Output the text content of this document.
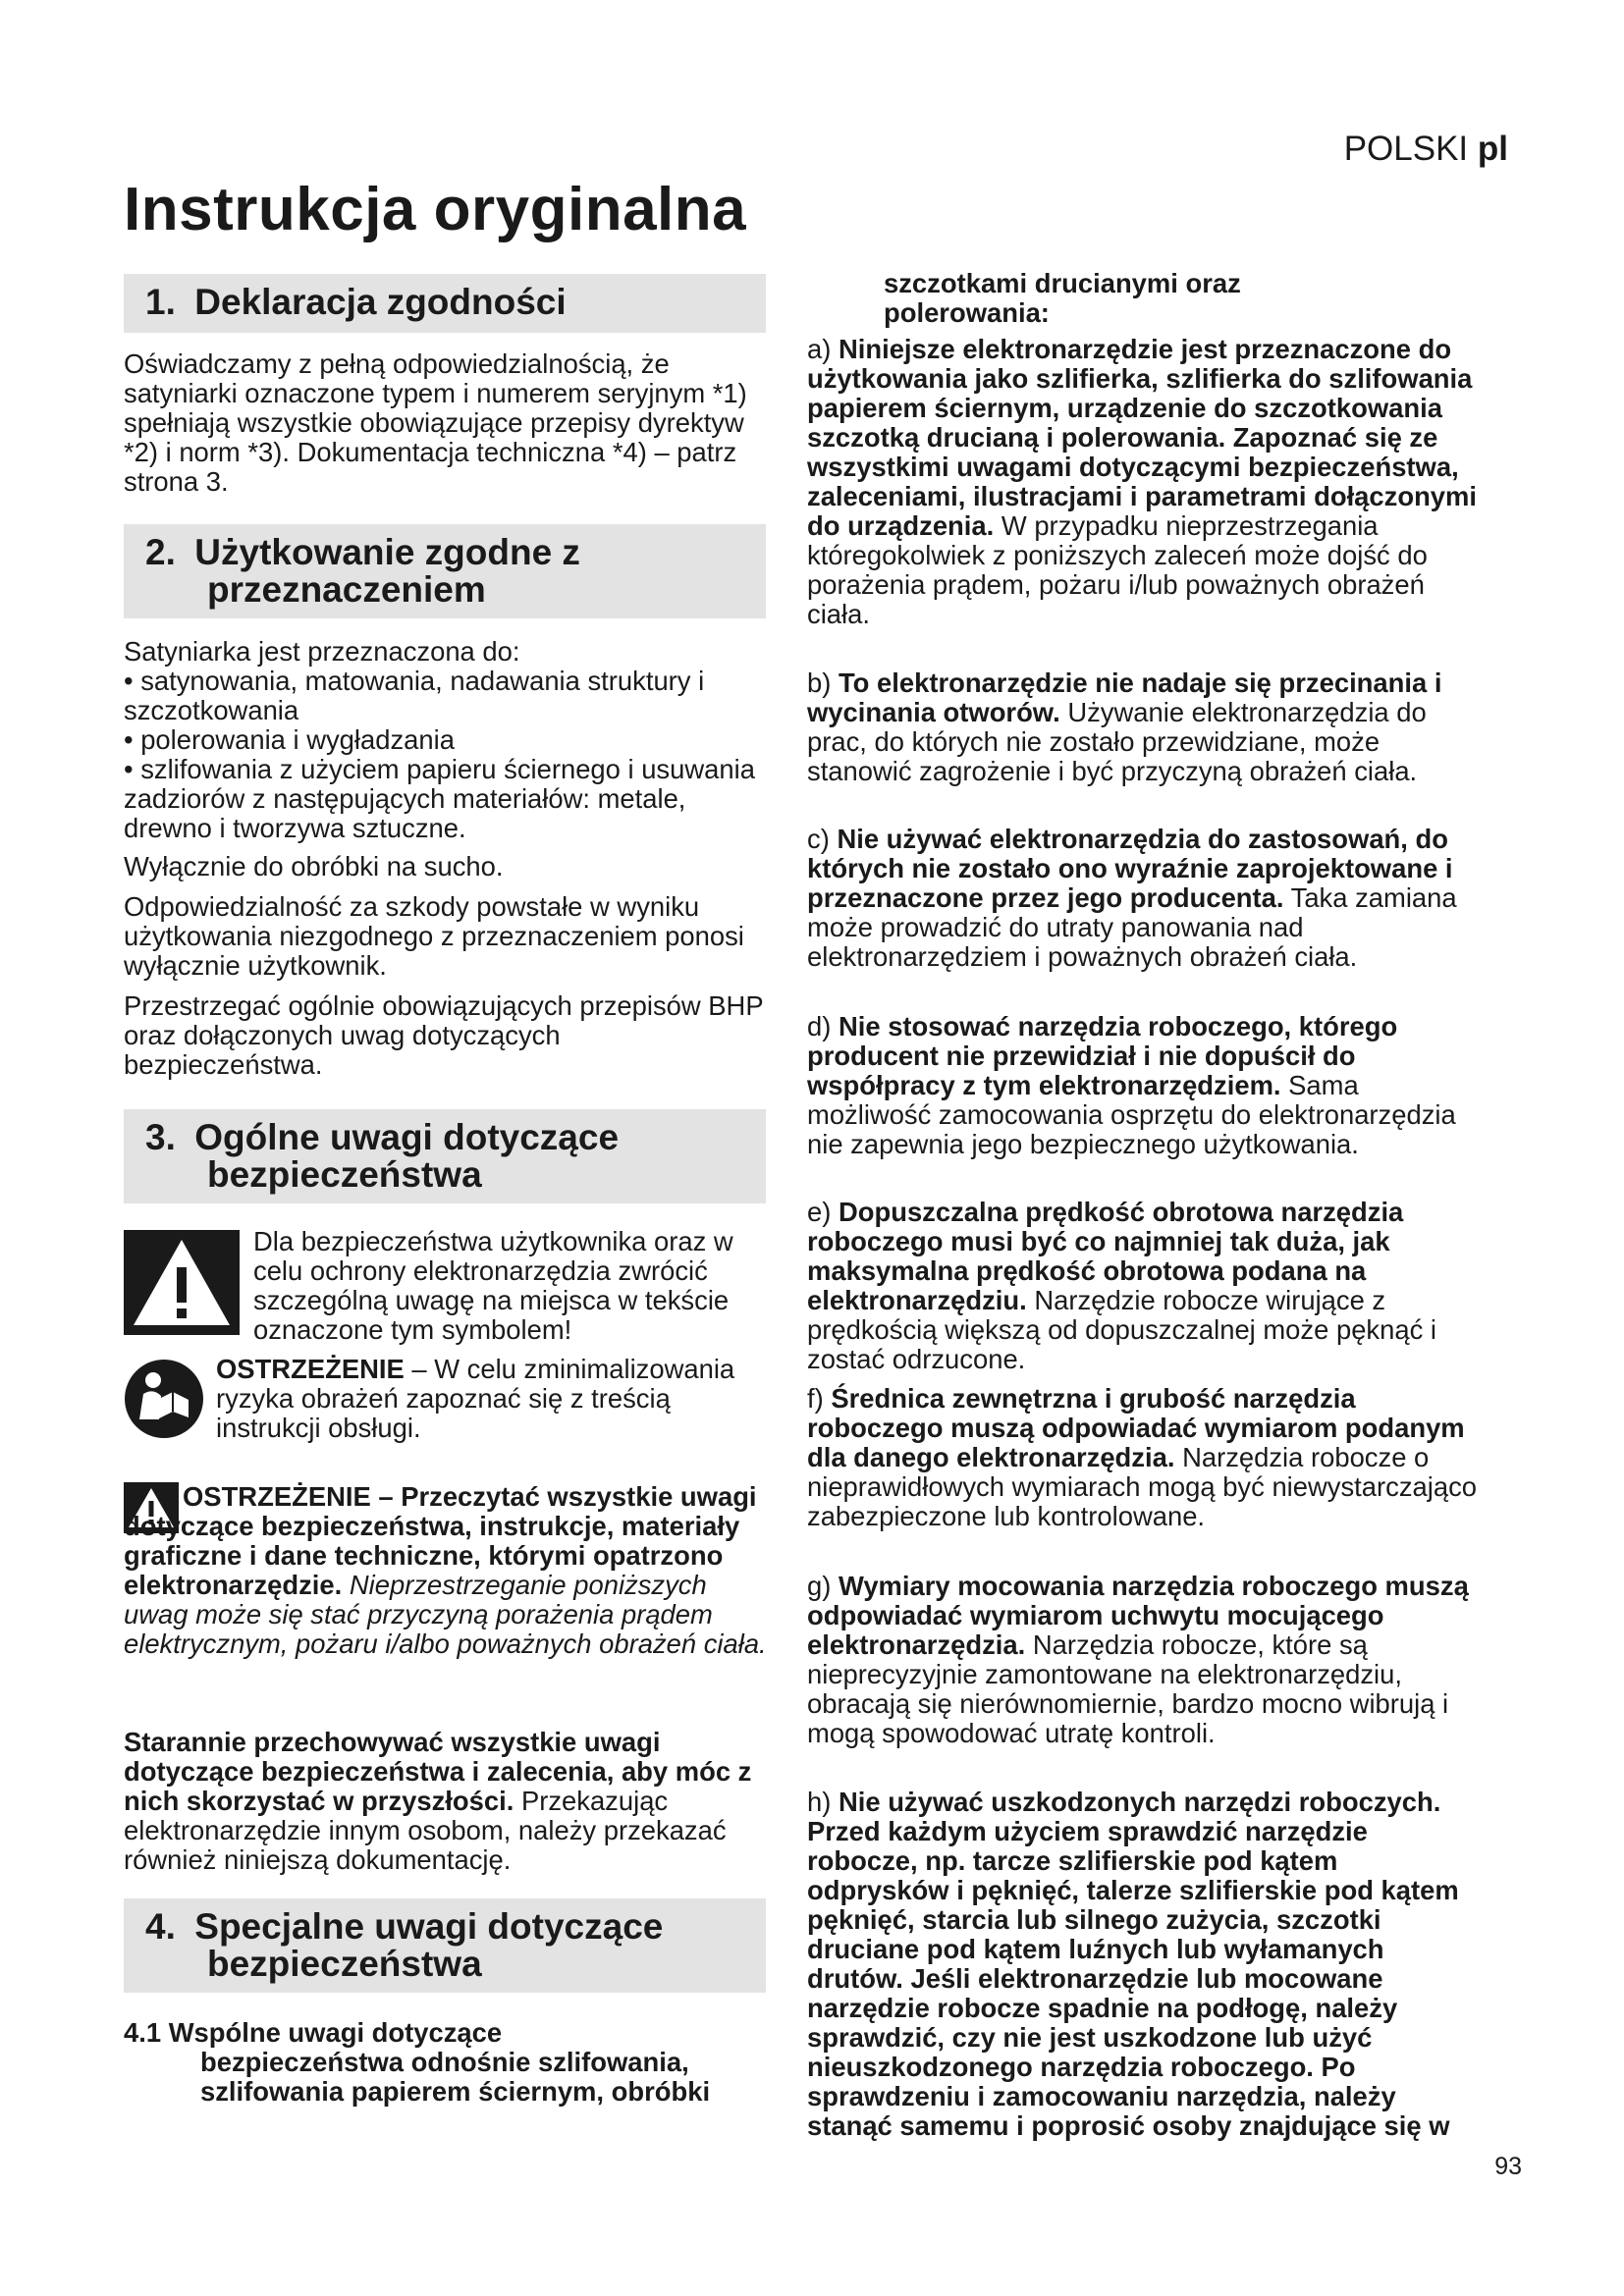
POLSKI pl
Instrukcja oryginalna
1. Deklaracja zgodności

Oświadczamy z pełną odpowiedzialnością, że satyniarki oznaczone typem i numerem seryjnym *1) spełniają wszystkie obowiązujące przepisy dyrektyw *2) i norm *3). Dokumentacja techniczna *4) – patrz strona 3.

2. Użytkowanie zgodne z
przeznaczeniem

Satyniarka jest przeznaczona do:

• satynowania, matowania, nadawania struktury i szczotkowania

• polerowania i wygładzania

• szlifowania z użyciem papieru ściernego i usuwania zadziorów z następujących materiałów: metale, drewno i tworzywa sztuczne.

Wyłącznie do obróbki na sucho.

Odpowiedzialność za szkody powstałe w wyniku użytkowania niezgodnego z przeznaczeniem ponosi wyłącznie użytkownik.

Przestrzegać ogólnie obowiązujących przepisów BHP oraz dołączonych uwag dotyczących bezpieczeństwa.

3. Ogólne uwagi dotyczące
bezpieczeństwa

Dla bezpieczeństwa użytkownika oraz w celu ochrony elektronarzędzia zwrócić szczególną uwagę na miejsca w tekście oznaczone tym symbolem!

OSTRZEŻENIE – W celu zminimalizowania ryzyka obrażeń zapoznać się z treścią instrukcji obsługi.

OSTRZEŻENIE – Przeczytać wszystkie uwagi dotyczące bezpieczeństwa, instrukcje, materiały graficzne i dane techniczne, którymi opatrzono elektronarzędzie. Nieprzestrzeganie poniższych uwag może się stać przyczyną porażenia prądem elektrycznym, pożaru i/albo poważnych obrażeń ciała.

Starannie przechowywać wszystkie uwagi dotyczące bezpieczeństwa i zalecenia, aby móc z nich skorzystać w przyszłości. Przekazując elektronarzędzie innym osobom, należy przekazać również niniejszą dokumentację.

4. Specjalne uwagi dotyczące
bezpieczeństwa

4.1 Wspólne uwagi dotyczące

bezpieczeństwa odnośnie szlifowania,

szlifowania papierem ściernym, obróbki

szczotkami drucianymi oraz

polerowania:

a) Niniejsze elektronarzędzie jest przeznaczone do użytkowania jako szlifierka, szlifierka do szlifowania papierem ściernym, urządzenie do szczotkowania szczotką drucianą i polerowania. Zapoznać się ze wszystkimi uwagami dotyczącymi bezpieczeństwa, zaleceniami, ilustracjami i parametrami dołączonymi do urządzenia. W przypadku nieprzestrzegania któregokolwiek z poniższych zaleceń może dojść do porażenia prądem, pożaru i/lub poważnych obrażeń ciała.

b) To elektronarzędzie nie nadaje się przecinania i wycinania otworów. Używanie elektronarzędzia do prac, do których nie zostało przewidziane, może stanowić zagrożenie i być przyczyną obrażeń ciała.

c) Nie używać elektronarzędzia do zastosowań, do których nie zostało ono wyraźnie zaprojektowane i przeznaczone przez jego producenta. Taka zamiana może prowadzić do utraty panowania nad elektronarzędziem i poważnych obrażeń ciała.

d) Nie stosować narzędzia roboczego, którego producent nie przewidział i nie dopuścił do współpracy z tym elektronarzędziem. Sama możliwość zamocowania osprzętu do elektronarzędzia nie zapewnia jego bezpiecznego użytkowania.

e) Dopuszczalna prędkość obrotowa narzędzia roboczego musi być co najmniej tak duża, jak maksymalna prędkość obrotowa podana na elektronarzędziu. Narzędzie robocze wirujące z prędkością większą od dopuszczalnej może pęknąć i zostać odrzucone.

f) Średnica zewnętrzna i grubość narzędzia roboczego muszą odpowiadać wymiarom podanym dla danego elektronarzędzia. Narzędzia robocze o nieprawidłowych wymiarach mogą być niewystarczająco zabezpieczone lub kontrolowane.

g) Wymiary mocowania narzędzia roboczego muszą odpowiadać wymiarom uchwytu mocującego elektronarzędzia. Narzędzia robocze, które są nieprecyzyjnie zamontowane na elektronarzędziu, obracają się nierównomiernie, bardzo mocno wibrują i mogą spowodować utratę kontroli.

h) Nie używać uszkodzonych narzędzi roboczych. Przed każdym użyciem sprawdzić narzędzie robocze, np. tarcze szlifierskie pod kątem odprysków i pęknięć, talerze szlifierskie pod kątem pęknięć, starcia lub silnego zużycia, szczotki druciane pod kątem luźnych lub wyłamanych drutów. Jeśli elektronarzędzie lub mocowane narzędzie robocze spadnie na podłogę, należy sprawdzić, czy nie jest uszkodzone lub użyć nieuszkodzonego narzędzia roboczego. Po sprawdzeniu i zamocowaniu narzędzia, należy stanąć samemu i poprosić osoby znajdujące się w

93
